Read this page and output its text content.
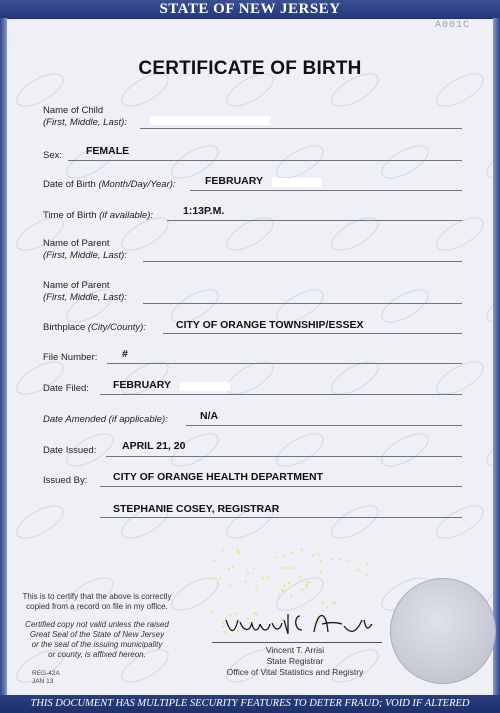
STATE OF NEW JERSEY
A001C
CERTIFICATE OF BIRTH
Name of Child
(First, Middle, Last):
Sex: FEMALE
Date of Birth (Month/Day/Year):	FEBRUARY
Time of Birth (if available):	1:13P.M.
Name of Parent
(First, Middle, Last):
Name of Parent
(First, Middle, Last):
Birthplace (City/County):	CITY OF ORANGE TOWNSHIP/ESSEX
File Number: #
Date Filed: FEBRUARY
Date Amended (if applicable):	N/A
Date Issued: APRIL 21, 20
Issued By: CITY OF ORANGE HEALTH DEPARTMENT
STEPHANIE COSEY, REGISTRAR
This is to certify that the above is correctly
copied from a record on file in my office.
Certified copy not valid unless the raised
Great Seal of the State of New Jersey
or the seal of the issuing municipality
or county, is affixed hereon.
REG-42A
JAN 13
Vincent T. Arrisi
State Registrar
Office of Vital Statistics and Registry
THIS DOCUMENT HAS MULTIPLE SECURITY FEATURES TO DETER FRAUD; VOID IF ALTERED
